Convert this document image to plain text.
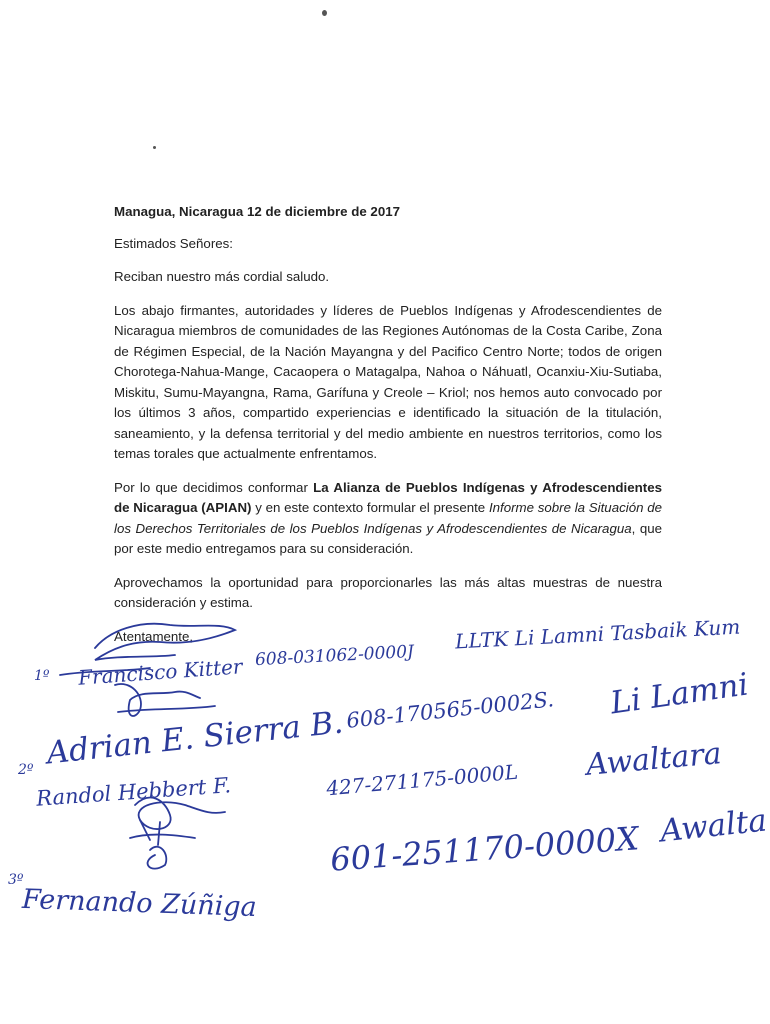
Managua, Nicaragua 12 de diciembre de 2017

Estimados Señores:

Reciban nuestro más cordial saludo.

Los abajo firmantes, autoridades y líderes de Pueblos Indígenas y Afrodescendientes de Nicaragua miembros de comunidades de las Regiones Autónomas de la Costa Caribe, Zona de Régimen Especial, de la Nación Mayangna y del Pacifico Centro Norte; todos de origen Chorotega-Nahua-Mange, Cacaopera o Matagalpa, Nahoa o Náhuatl, Ocanxiu-Xiu-Sutiaba, Miskitu, Sumu-Mayangna, Rama, Garífuna y Creole – Kriol; nos hemos auto convocado por los últimos 3 años, compartido experiencias e identificado la situación de la titulación, saneamiento, y la defensa territorial y del medio ambiente en nuestros territorios, como los temas torales que actualmente enfrentamos.

Por lo que decidimos conformar La Alianza de Pueblos Indígenas y Afrodescendientes de Nicaragua (APIAN) y en este contexto formular el presente Informe sobre la Situación de los Derechos Territoriales de los Pueblos Indígenas y Afrodescendientes de Nicaragua, que por este medio entregamos para su consideración.

Aprovechamos la oportunidad para proporcionarles las más altas muestras de nuestra consideración y estima.

Atentamente,

1º Francisco Kitter 608-031062-0000J
LLTK Li Lamni Tasbaik Kum
2º Adrian E. Sierra B. 608-170565-0002S. Li Lamni
Randol Hebbert F.	427-271175-0000L Awaltara
601-251170-0000X Awalta
3º
Fernando Zúñiga
